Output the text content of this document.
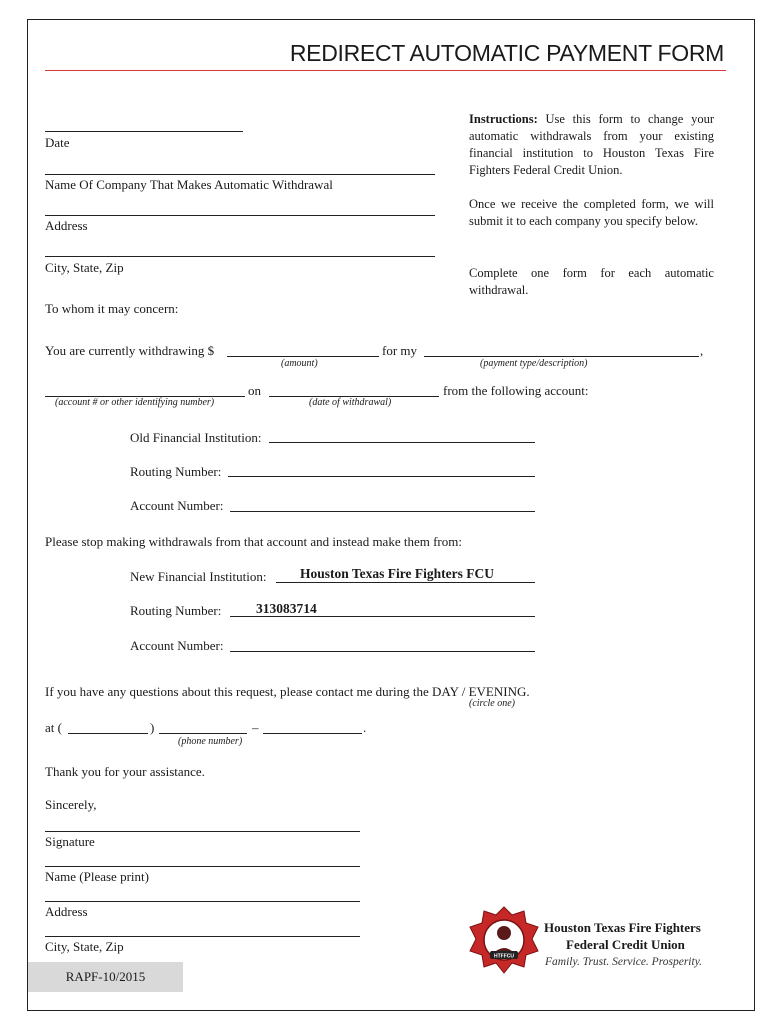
REDIRECT AUTOMATIC PAYMENT FORM
Instructions: Use this form to change your automatic withdrawals from your existing financial institution to Houston Texas Fire Fighters Federal Credit Union.
Once we receive the completed form, we will submit it to each company you specify below.
Complete one form for each automatic withdrawal.
Date
Name Of Company That Makes Automatic Withdrawal
Address
City, State, Zip
To whom it may concern:
You are currently withdrawing $
(amount)
for my	,
(payment type/description)
on	from the following account:
(account # or other identifying number)	(date of withdrawal)
Old Financial Institution:
Routing Number:
Account Number:
Please stop making withdrawals from that account and instead make them from:
New Financial Institution: Houston Texas Fire Fighters FCU
Routing Number:	313083714
Account Number:
If you have any questions about this request, please contact me during the DAY / EVENING.
(circle one)
at (	)	–	.
(phone number)
Thank you for your assistance.
Sincerely,
Signature
Name (Please print)
Address
City, State, Zip
RAPF-10/2015
HTFFCU
Houston Texas Fire Fighters
Federal Credit Union
Family. Trust. Service. Prosperity.
